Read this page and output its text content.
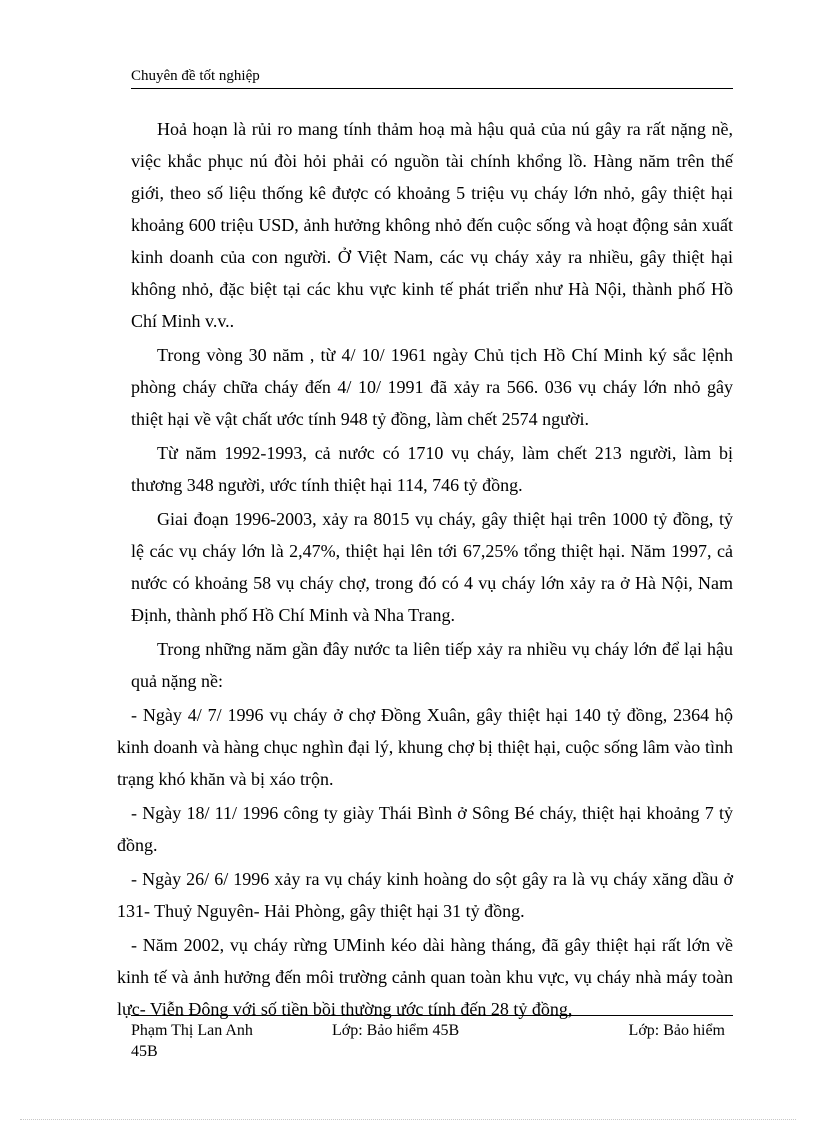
Chuyên đề tốt nghiệp

Hoả hoạn là rủi ro mang tính thảm hoạ mà hậu quả của nú gây ra rất nặng nề, việc khắc phục nú đòi hỏi phải có nguồn tài chính khổng lồ. Hàng năm trên thế giới, theo số liệu thống kê được có khoảng 5 triệu vụ cháy lớn nhỏ, gây thiệt hại khoảng 600 triệu USD, ảnh hưởng không nhỏ đến cuộc sống và hoạt động sản xuất kinh doanh của con người. Ở Việt Nam, các vụ cháy xảy ra nhiều, gây thiệt hại không nhỏ, đặc biệt tại các khu vực kinh tế phát triển như Hà Nội, thành phố Hồ Chí Minh v.v..

Trong vòng 30 năm , từ 4/ 10/ 1961 ngày Chủ tịch Hồ Chí Minh ký sắc lệnh phòng cháy chữa cháy đến 4/ 10/ 1991 đã xảy ra 566. 036 vụ cháy lớn nhỏ gây thiệt hại về vật chất ước tính 948 tỷ đồng, làm chết 2574 người.

Từ năm 1992-1993, cả nước có 1710 vụ cháy, làm chết 213 người, làm bị thương 348 người, ước tính thiệt hại 114, 746 tỷ đồng.

Giai đoạn 1996-2003, xảy ra 8015 vụ cháy, gây thiệt hại trên 1000 tỷ đồng, tỷ lệ các vụ cháy lớn là 2,47%, thiệt hại lên tới 67,25% tổng thiệt hại. Năm 1997, cả nước có khoảng 58 vụ cháy chợ, trong đó có 4 vụ cháy lớn xảy ra ở Hà Nội, Nam Định, thành phố Hồ Chí Minh và Nha Trang.

Trong những năm gần đây nước ta liên tiếp xảy ra nhiều vụ cháy lớn để lại hậu quả nặng nề:

- Ngày 4/ 7/ 1996 vụ cháy ở chợ Đồng Xuân, gây thiệt hại 140 tỷ đồng, 2364 hộ kinh doanh và hàng chục nghìn đại lý, khung chợ bị thiệt hại, cuộc sống lâm vào tình trạng khó khăn và bị xáo trộn.

- Ngày 18/ 11/ 1996 công ty giày Thái Bình ở Sông Bé cháy, thiệt hại khoảng 7 tỷ đồng.

- Ngày 26/ 6/ 1996 xảy ra vụ cháy kinh hoàng do sột gây ra là vụ cháy xăng dầu ở 131- Thuỷ Nguyên- Hải Phòng, gây thiệt hại 31 tỷ đồng.

- Năm 2002, vụ cháy rừng UMinh kéo dài hàng tháng, đã gây thiệt hại rất lớn về kinh tế và ảnh hưởng đến môi trường cảnh quan toàn khu vực, vụ cháy nhà máy toàn lực- Viễn Đông với số tiền bồi thường ước tính đến 28 tỷ đồng,

Phạm Thị Lan Anh	Lớp: Bảo hiểm 45B	Lớp: Bảo hiểm
45B
